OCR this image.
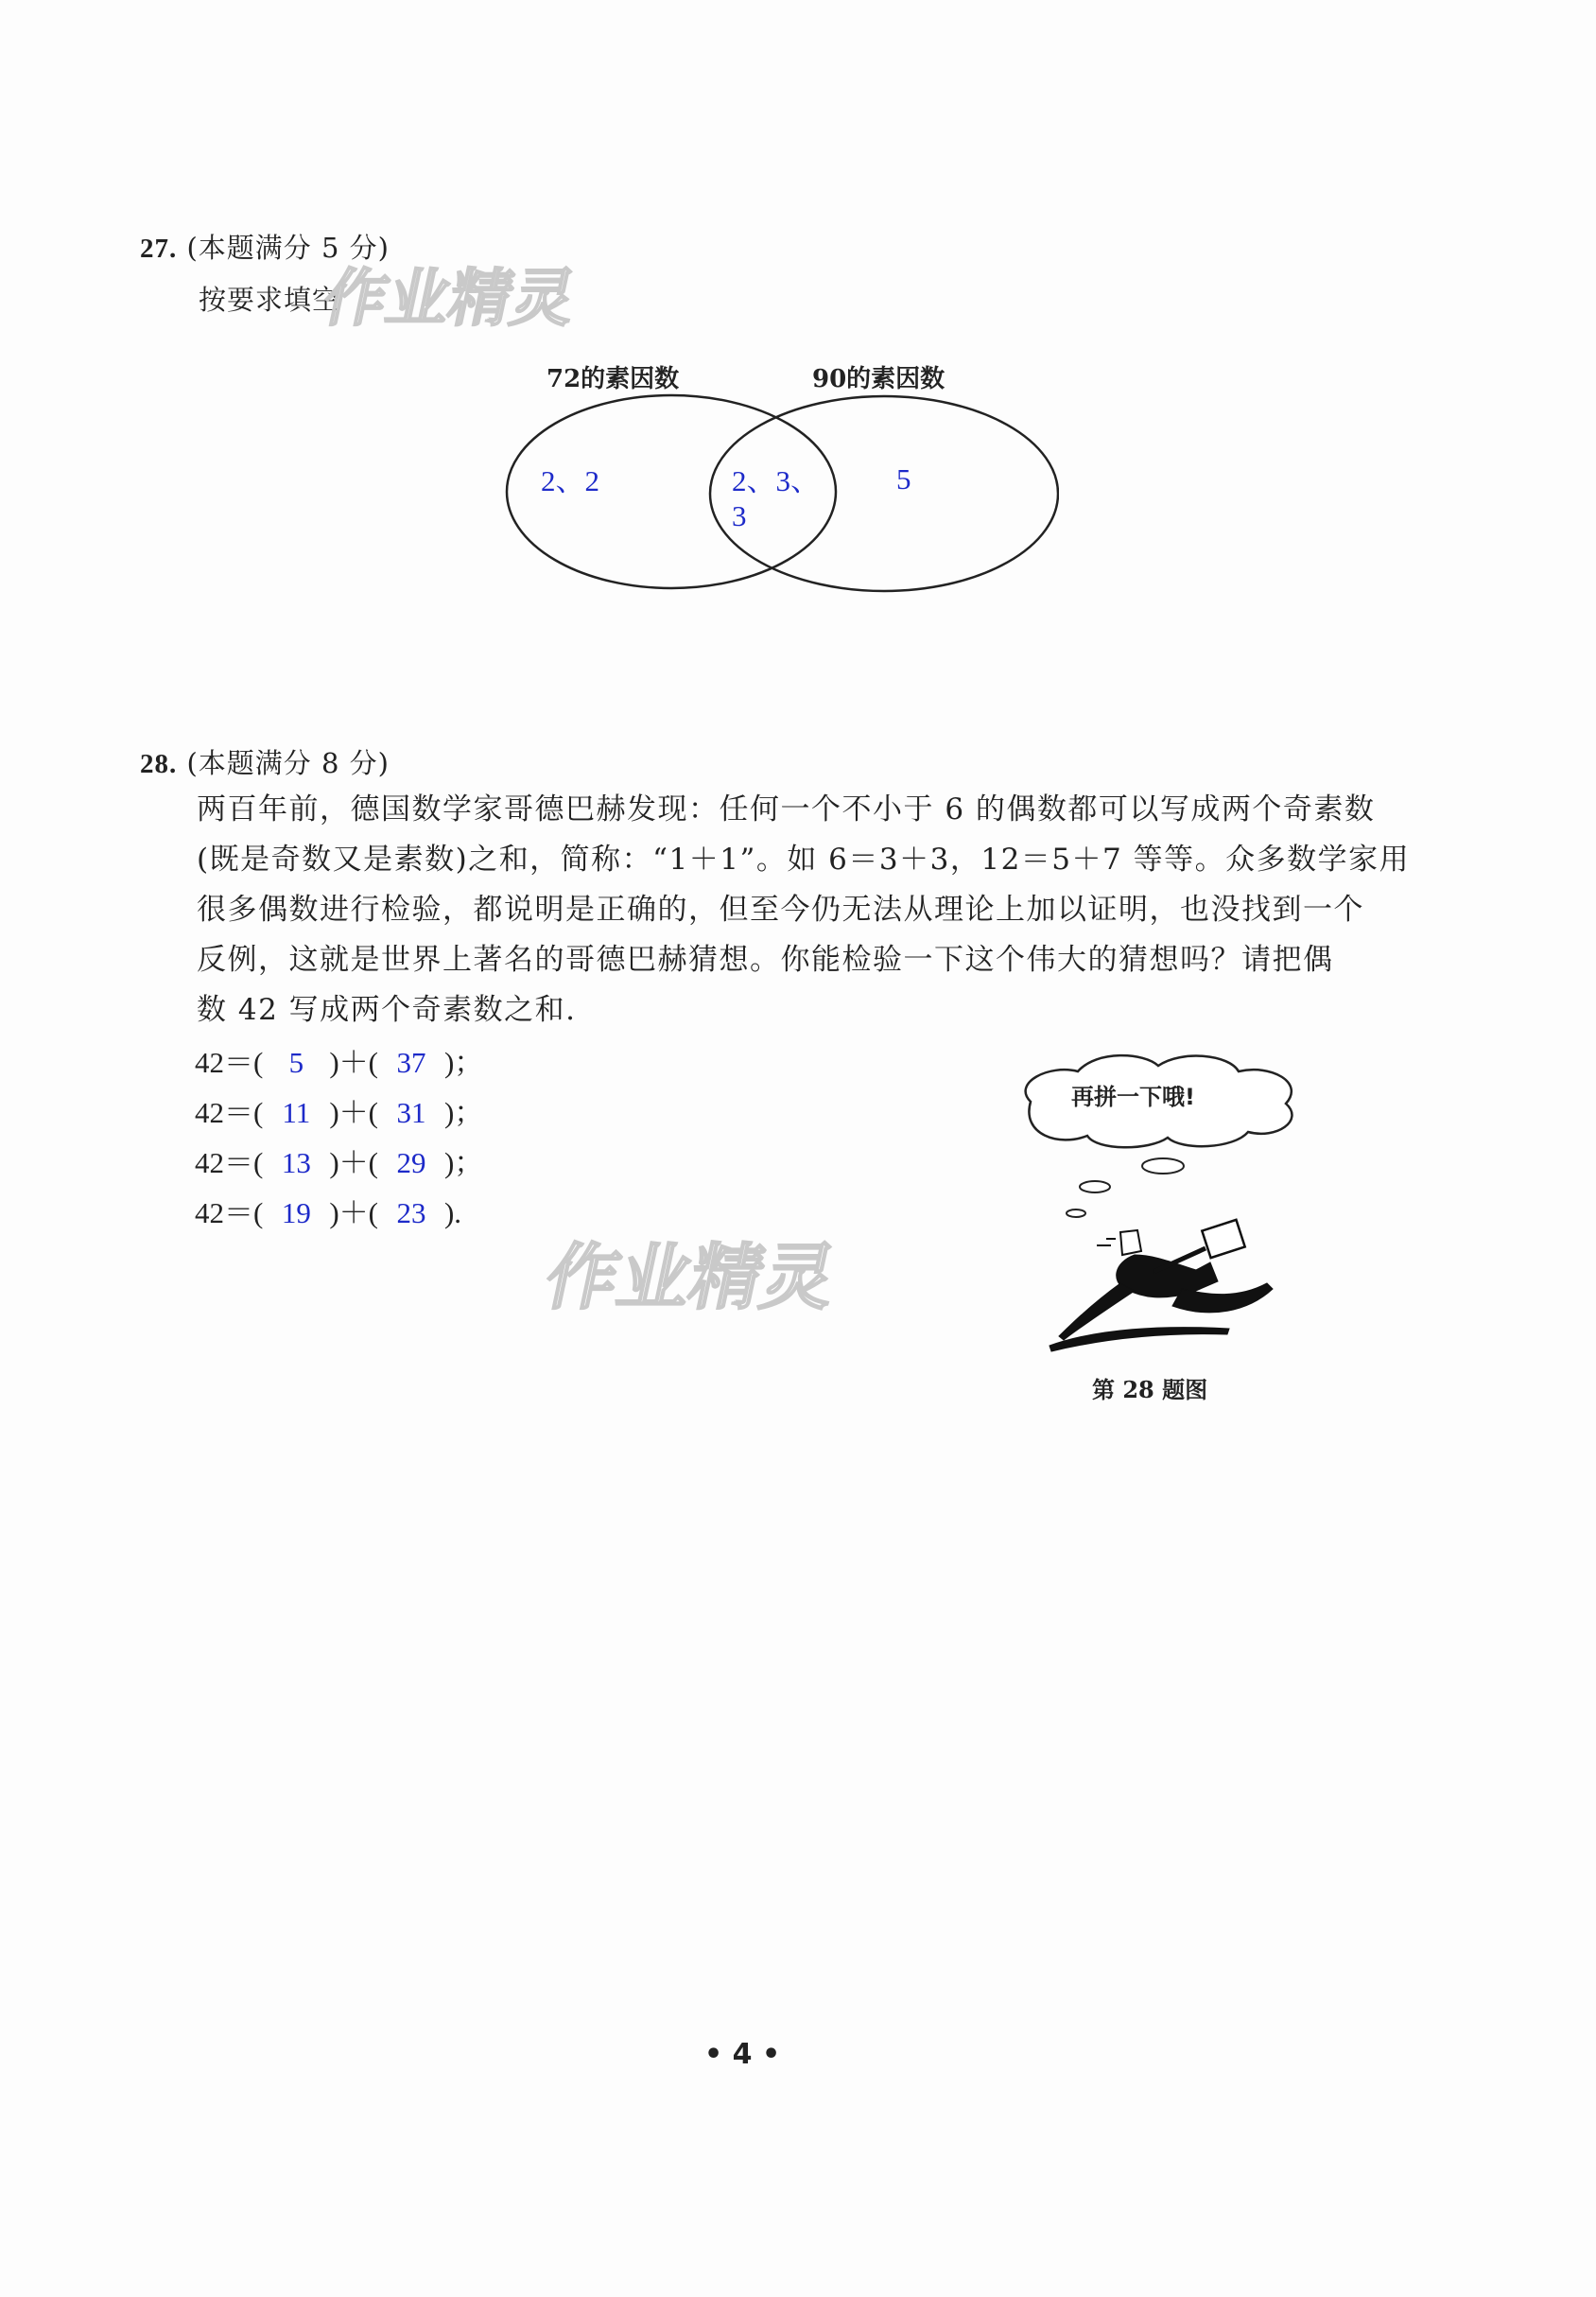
27. (本题满分 5 分)
按要求填空
作业精灵
72的素因数	90的素因数
2、2	2、3、
3
5
28. (本题满分 8 分)
两百年前，德国数学家哥德巴赫发现：任何一个不小于 6 的偶数都可以写成两个奇素数
(既是奇数又是素数)之和，简称：“1＋1”。如 6＝3＋3，12＝5＋7 等等。众多数学家用
很多偶数进行检验，都说明是正确的，但至今仍无法从理论上加以证明，也没找到一个
反例，这就是世界上著名的哥德巴赫猜想。你能检验一下这个伟大的猜想吗？请把偶
数 42 写成两个奇素数之和.
42＝( 5 )＋( 37 )；
42＝( 11 )＋( 31 )；
42＝( 13 )＋( 29 )；
42＝( 19 )＋( 23 ).
作业精灵
再拼一下哦!
第 28 题图
• 4 •
